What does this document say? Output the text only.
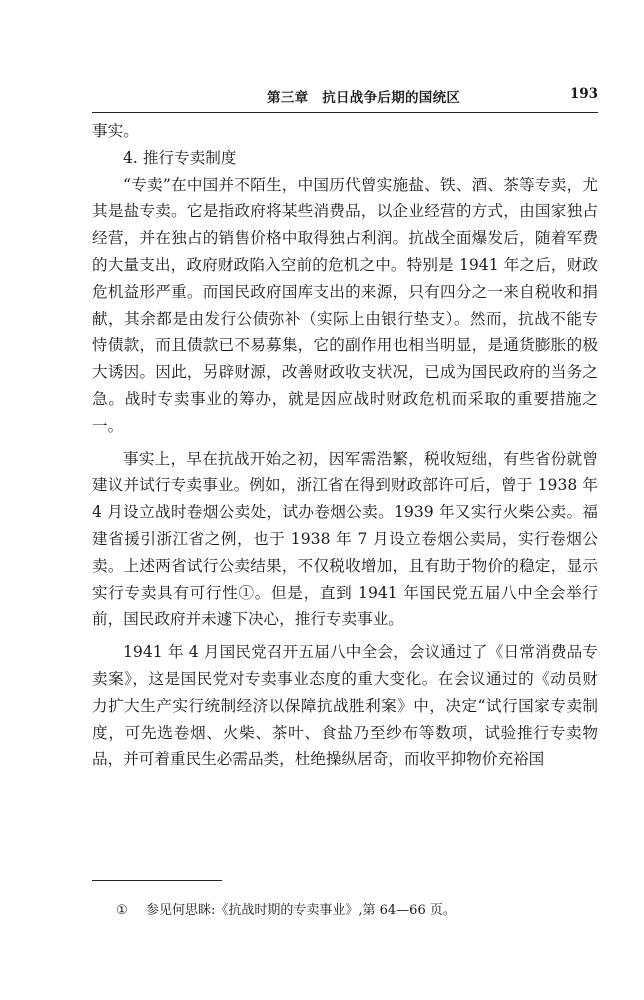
第三章　抗日战争后期的国统区	193

事实。

4. 推行专卖制度

“专卖”在中国并不陌生，中国历代曾实施盐、铁、酒、茶等专卖，尤其是盐专卖。它是指政府将某些消费品，以企业经营的方式，由国家独占经营，并在独占的销售价格中取得独占利润。抗战全面爆发后，随着军费的大量支出，政府财政陷入空前的危机之中。特别是 1941 年之后，财政危机益形严重。而国民政府国库支出的来源，只有四分之一来自税收和捐献，其余都是由发行公债弥补（实际上由银行垫支）。然而，抗战不能专恃债款，而且债款已不易募集，它的副作用也相当明显，是通货膨胀的极大诱因。因此，另辟财源，改善财政收支状况，已成为国民政府的当务之急。战时专卖事业的筹办，就是因应战时财政危机而采取的重要措施之一。

事实上，早在抗战开始之初，因军需浩繁，税收短绌，有些省份就曾建议并试行专卖事业。例如，浙江省在得到财政部许可后，曾于 1938 年 4 月设立战时卷烟公卖处，试办卷烟公卖。1939 年又实行火柴公卖。福建省援引浙江省之例，也于 1938 年 7 月设立卷烟公卖局，实行卷烟公卖。上述两省试行公卖结果，不仅税收增加，且有助于物价的稳定，显示实行专卖具有可行性①。但是，直到 1941 年国民党五届八中全会举行前，国民政府并未遽下决心，推行专卖事业。

1941 年 4 月国民党召开五届八中全会，会议通过了《日常消费品专卖案》，这是国民党对专卖事业态度的重大变化。在会议通过的《动员财力扩大生产实行统制经济以保障抗战胜利案》中，决定“试行国家专卖制度，可先选卷烟、火柴、茶叶、食盐乃至纱布等数项，试验推行专卖物品，并可着重民生必需品类，杜绝操纵居奇，而收平抑物价充裕国

① 参见何思眯:《抗战时期的专卖事业》,第 64—66 页。
